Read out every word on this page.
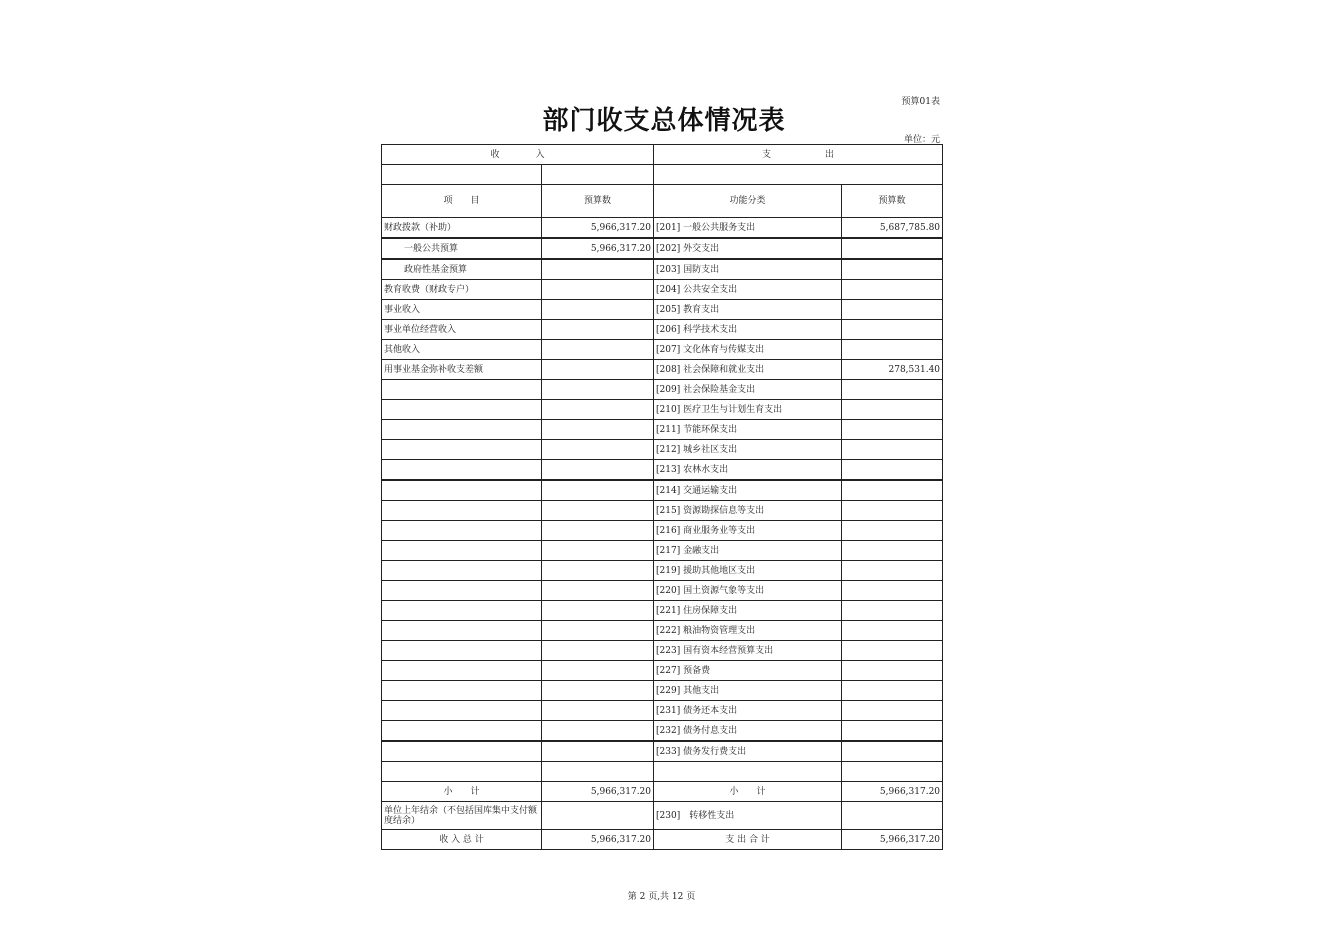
预算01表
部门收支总体情况表
单位：元
收　　　　入		支　　　　　　出	

项　　目	预算数	功能分类	预算数
财政拨款（补助）	5,966,317.20	[201] 一般公共服务支出	5,687,785.80
一般公共预算	5,966,317.20	[202] 外交支出	
政府性基金预算		[203] 国防支出	
教育收费（财政专户）		[204] 公共安全支出	
事业收入		[205] 教育支出	
事业单位经营收入		[206] 科学技术支出	
其他收入		[207] 文化体育与传媒支出	
用事业基金弥补收支差额		[208] 社会保障和就业支出	278,531.40
		[209] 社会保险基金支出	
		[210] 医疗卫生与计划生育支出	
		[211] 节能环保支出	
		[212] 城乡社区支出	
		[213] 农林水支出	
		[214] 交通运输支出	
		[215] 资源勘探信息等支出	
		[216] 商业服务业等支出	
		[217] 金融支出	
		[219] 援助其他地区支出	
		[220] 国土资源气象等支出	
		[221] 住房保障支出	
		[222] 粮油物资管理支出	
		[223] 国有资本经营预算支出	
		[227] 预备费	
		[229] 其他支出	
		[231] 债务还本支出	
		[232] 债务付息支出	
		[233] 债务发行费支出	

小　　计	5,966,317.20	小　　计	5,966,317.20
单位上年结余（不包括国库集中支付额度结余）		[230]　转移性支出	
收 入 总 计	5,966,317.20	支 出 合 计	5,966,317.20
第 2 页,共 12 页
